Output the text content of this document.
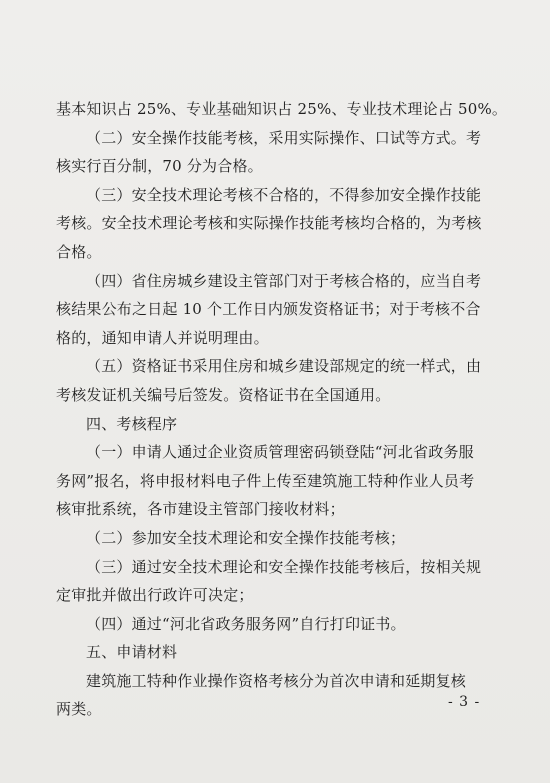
基本知识占 25%、专业基础知识占 25%、专业技术理论占 50%。
（二）安全操作技能考核，采用实际操作、口试等方式。考
核实行百分制，70 分为合格。
（三）安全技术理论考核不合格的，不得参加安全操作技能
考核。安全技术理论考核和实际操作技能考核均合格的，为考核
合格。
（四）省住房城乡建设主管部门对于考核合格的，应当自考
核结果公布之日起 10 个工作日内颁发资格证书；对于考核不合
格的，通知申请人并说明理由。
（五）资格证书采用住房和城乡建设部规定的统一样式，由
考核发证机关编号后签发。资格证书在全国通用。
四、考核程序
（一）申请人通过企业资质管理密码锁登陆“河北省政务服
务网”报名，将申报材料电子件上传至建筑施工特种作业人员考
核审批系统，各市建设主管部门接收材料；
（二）参加安全技术理论和安全操作技能考核；
（三）通过安全技术理论和安全操作技能考核后，按相关规
定审批并做出行政许可决定；
（四）通过“河北省政务服务网”自行打印证书。
五、申请材料
建筑施工特种作业操作资格考核分为首次申请和延期复核
两类。	- 3 -
